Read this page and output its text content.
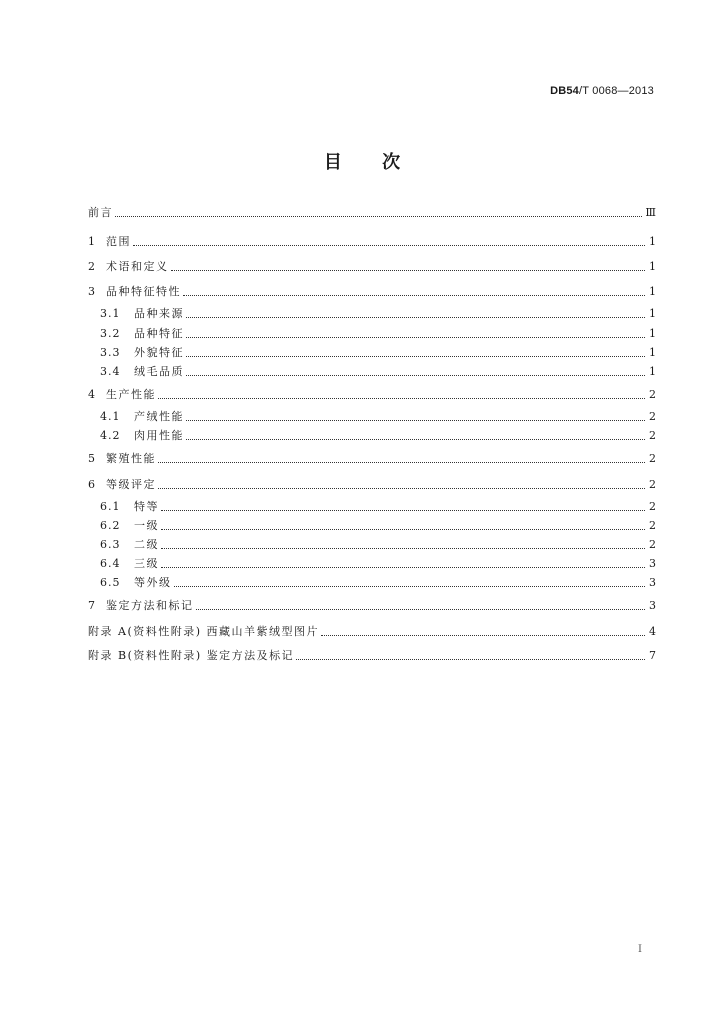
DB54/T 0068—2013
目 次
前言	Ⅲ
1	范围	1
2	术语和定义	1
3	品种特征特性	1
3.1	品种来源	1
3.2	品种特征	1
3.3	外貌特征	1
3.4	绒毛品质	1
4	生产性能	2
4.1	产绒性能	2
4.2	肉用性能	2
5	繁殖性能	2
6	等级评定	2
6.1	特等	2
6.2	一级	2
6.3	二级	2
6.4	三级	3
6.5	等外级	3
7	鉴定方法和标记	3
附录 A(资料性附录) 西藏山羊紫绒型图片	4
附录 B(资料性附录) 鉴定方法及标记	7
I
